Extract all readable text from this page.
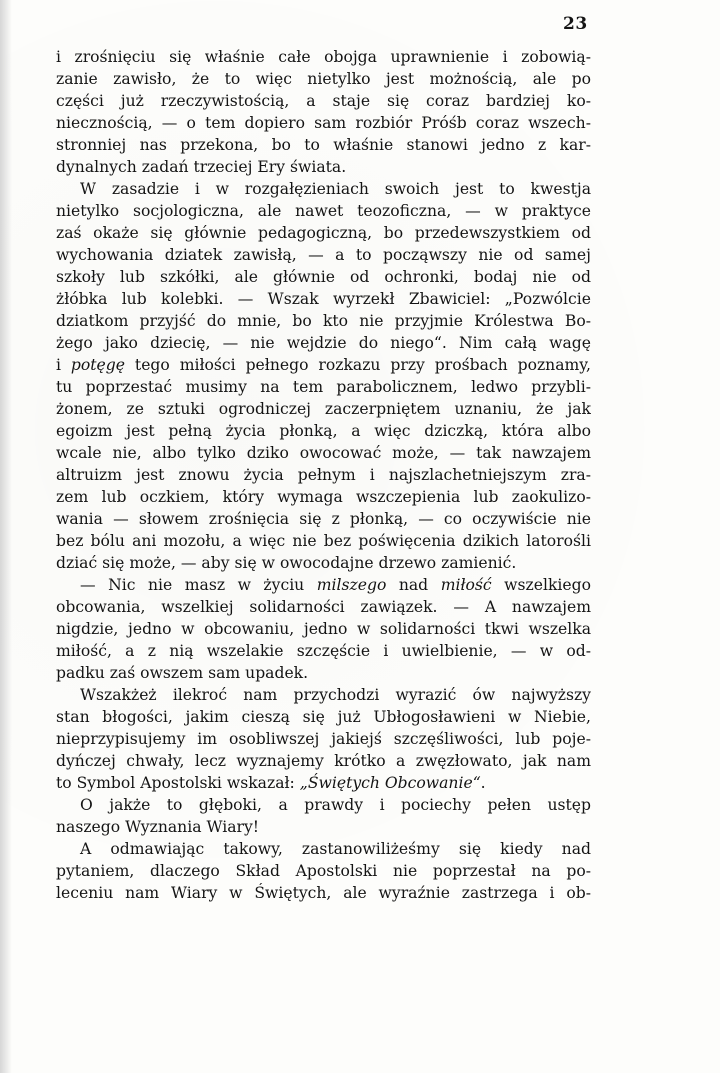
23
i zrośnięciu się właśnie całe obojga uprawnienie i zobowią-
zanie zawisło, że to więc nietylko jest możnością, ale po
części już rzeczywistością, a staje się coraz bardziej ko-
niecznością, — o tem dopiero sam rozbiór Próśb coraz wszech-
stronniej nas przekona, bo to właśnie stanowi jedno z kar-
dynalnych zadań trzeciej Ery świata.
W zasadzie i w rozgałęzieniach swoich jest to kwestja
nietylko socjologiczna, ale nawet teozoficzna, — w praktyce
zaś okaże się głównie pedagogiczną, bo przedewszystkiem od
wychowania dziatek zawisłą, — a to począwszy nie od samej
szkoły lub szkółki, ale głównie od ochronki, bodaj nie od
żłóbka lub kolebki. — Wszak wyrzekł Zbawiciel: „Pozwólcie
dziatkom przyjść do mnie, bo kto nie przyjmie Królestwa Bo-
żego jako dziecię, — nie wejdzie do niego“. Nim całą wagę
i potęgę tego miłości pełnego rozkazu przy prośbach poznamy,
tu poprzestać musimy na tem parabolicznem, ledwo przybli-
żonem, ze sztuki ogrodniczej zaczerpniętem uznaniu, że jak
egoizm jest pełną życia płonką, a więc dziczką, która albo
wcale nie, albo tylko dziko owocować może, — tak nawzajem
altruizm jest znowu życia pełnym i najszlachetniejszym zra-
zem lub oczkiem, który wymaga wszczepienia lub zaokulizo-
wania — słowem zrośnięcia się z płonką, — co oczywiście nie
bez bólu ani mozołu, a więc nie bez poświęcenia dzikich latorośli
dziać się może, — aby się w owocodajne drzewo zamienić.
— Nic nie masz w życiu milszego nad miłość wszelkiego
obcowania, wszelkiej solidarności zawiązek. — A nawzajem
nigdzie, jedno w obcowaniu, jedno w solidarności tkwi wszelka
miłość, a z nią wszelakie szczęście i uwielbienie, — w od-
padku zaś owszem sam upadek.
Wszakżeż ilekroć nam przychodzi wyrazić ów najwyższy
stan błogości, jakim cieszą się już Ubłogosławieni w Niebie,
nieprzypisujemy im osobliwszej jakiejś szczęśliwości, lub poje-
dyńczej chwały, lecz wyznajemy krótko a zwęzłowato, jak nam
to Symbol Apostolski wskazał: „Świętych Obcowanie“.
O jakże to głęboki, a prawdy i pociechy pełen ustęp
naszego Wyznania Wiary!
A odmawiając takowy, zastanowiliżeśmy się kiedy nad
pytaniem, dlaczego Skład Apostolski nie poprzestał na po-
leceniu nam Wiary w Świętych, ale wyraźnie zastrzega i ob-
